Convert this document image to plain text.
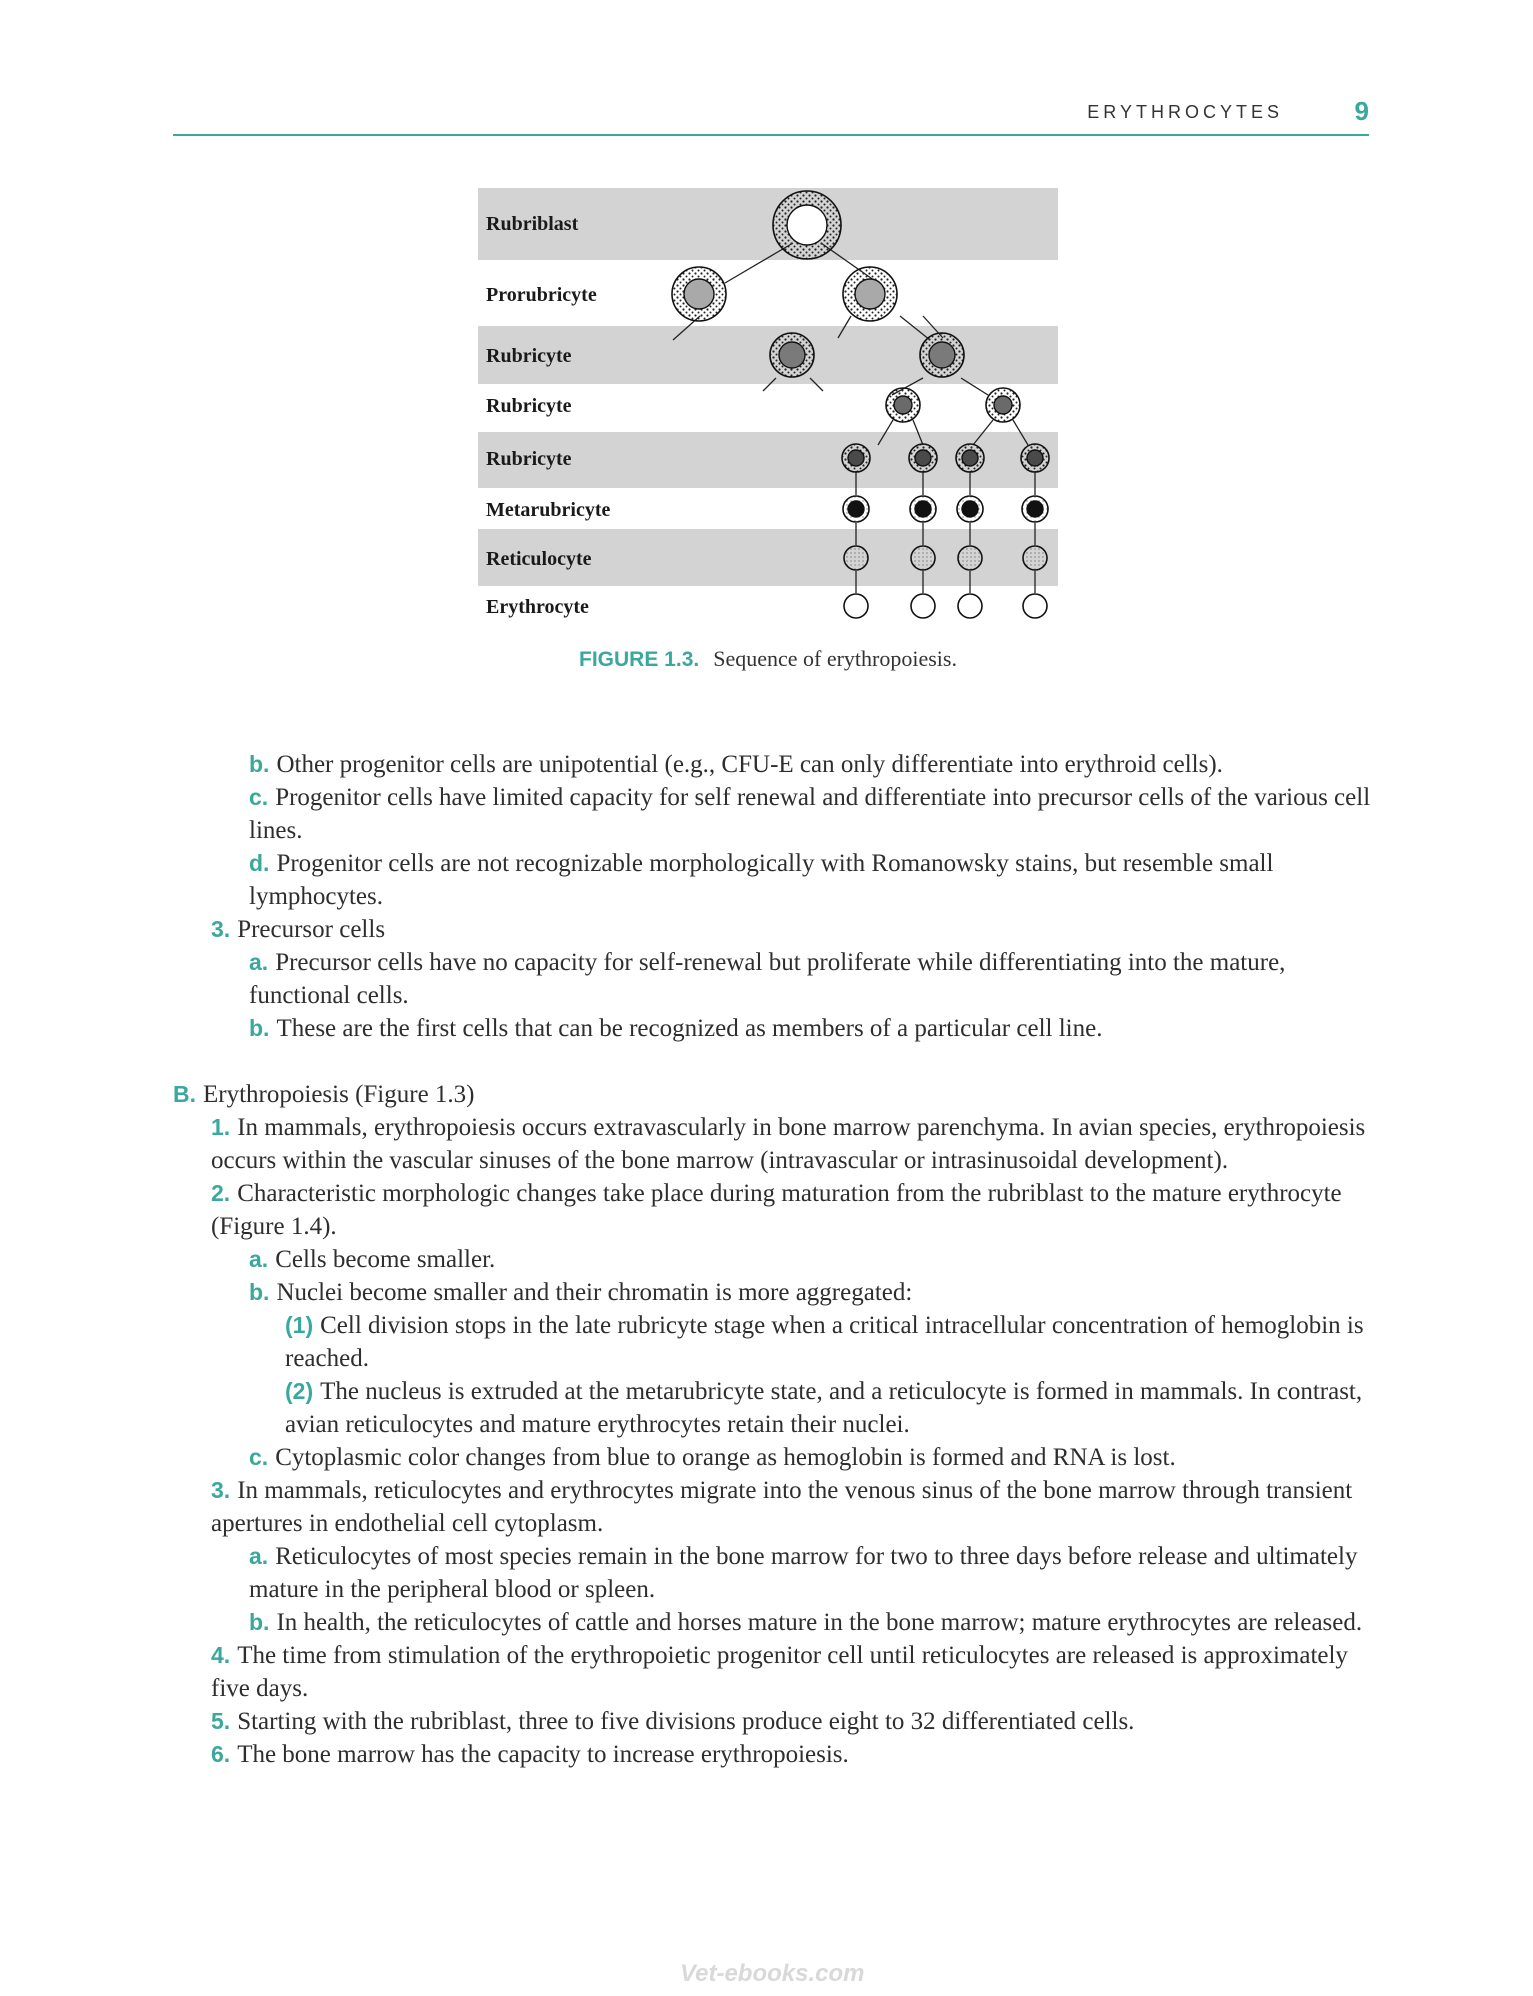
ERYTHROCYTES	9
Rubriblast
Prorubricyte
Rubricyte
Rubricyte
Rubricyte
Metarubricyte
Reticulocyte
Erythrocyte
FIGURE 1.3. Sequence of erythropoiesis.

b. Other progenitor cells are unipotential (e.g., CFU-E can only differentiate into erythroid cells).

c. Progenitor cells have limited capacity for self renewal and differentiate into precursor cells of the various cell lines.

d. Progenitor cells are not recognizable morphologically with Romanowsky stains, but resemble small lymphocytes.

3. Precursor cells

a. Precursor cells have no capacity for self-renewal but proliferate while differentiating into the mature, functional cells.

b. These are the first cells that can be recognized as members of a particular cell line.

B. Erythropoiesis (Figure 1.3)

1. In mammals, erythropoiesis occurs extravascularly in bone marrow parenchyma. In avian species, erythropoiesis occurs within the vascular sinuses of the bone marrow (intravascular or intrasinusoidal development).

2. Characteristic morphologic changes take place during maturation from the rubriblast to the mature erythrocyte (Figure 1.4).

a. Cells become smaller.

b. Nuclei become smaller and their chromatin is more aggregated:

(1) Cell division stops in the late rubricyte stage when a critical intracellular concentration of hemoglobin is reached.

(2) The nucleus is extruded at the metarubricyte state, and a reticulocyte is formed in mammals. In contrast, avian reticulocytes and mature erythrocytes retain their nuclei.

c. Cytoplasmic color changes from blue to orange as hemoglobin is formed and RNA is lost.

3. In mammals, reticulocytes and erythrocytes migrate into the venous sinus of the bone marrow through transient apertures in endothelial cell cytoplasm.

a. Reticulocytes of most species remain in the bone marrow for two to three days before release and ultimately mature in the peripheral blood or spleen.

b. In health, the reticulocytes of cattle and horses mature in the bone marrow; mature erythrocytes are released.

4. The time from stimulation of the erythropoietic progenitor cell until reticulocytes are released is approximately five days.

5. Starting with the rubriblast, three to five divisions produce eight to 32 differentiated cells.

6. The bone marrow has the capacity to increase erythropoiesis.

Vet-ebooks.com
